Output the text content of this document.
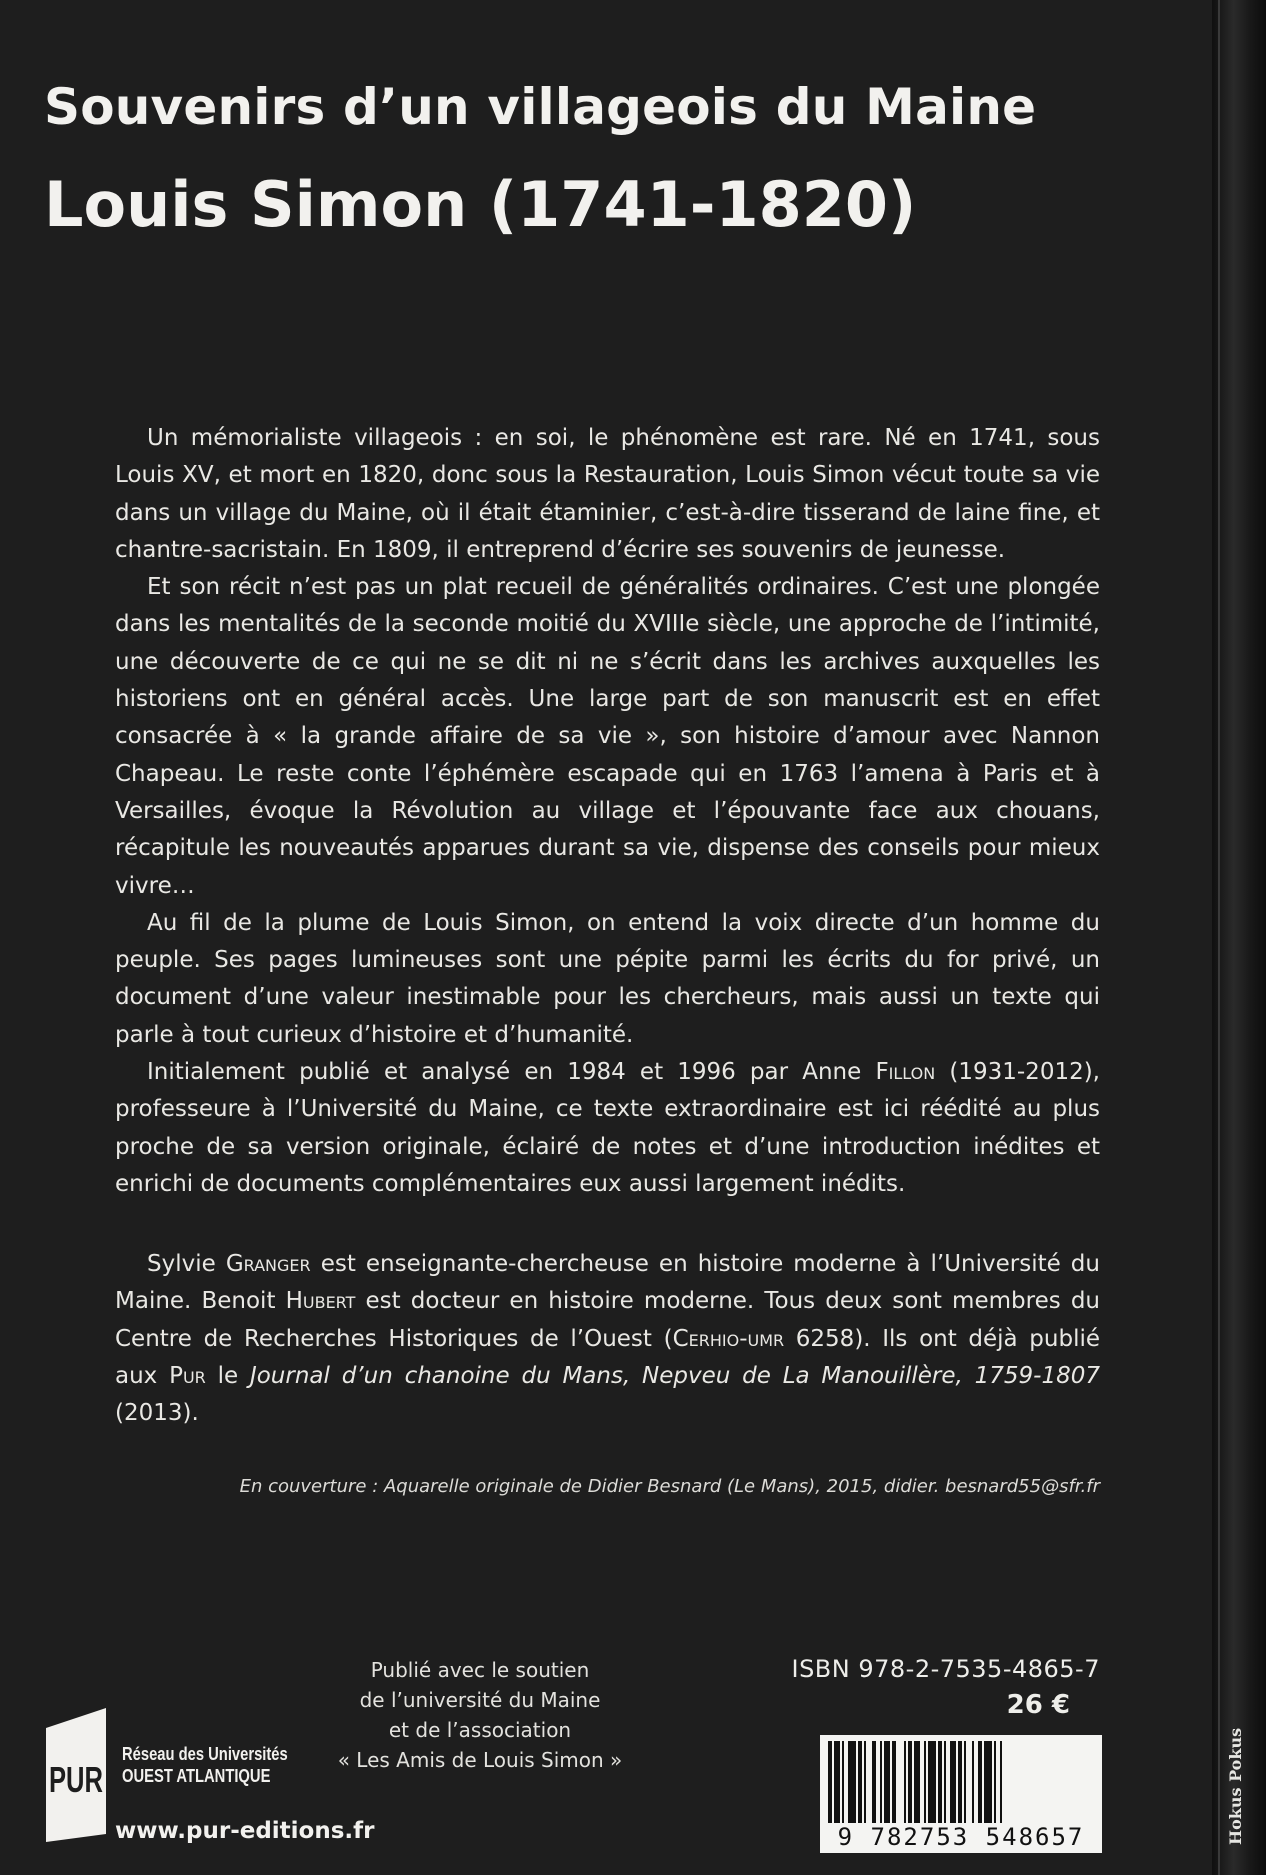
Souvenirs d’un villageois du Maine
Louis Simon (1741-1820)

Un mémorialiste villageois : en soi, le phénomène est rare. Né en 1741, sous Louis XV, et mort en 1820, donc sous la Restauration, Louis Simon vécut toute sa vie dans un village du Maine, où il était étaminier, c’est-à-dire tisserand de laine fine, et chantre-sacristain. En 1809, il entreprend d’écrire ses souvenirs de jeunesse.

Et son récit n’est pas un plat recueil de généralités ordinaires. C’est une plongée dans les mentalités de la seconde moitié du XVIIIe siècle, une approche de l’intimité, une découverte de ce qui ne se dit ni ne s’écrit dans les archives auxquelles les historiens ont en général accès. Une large part de son manuscrit est en effet consacrée à « la grande affaire de sa vie », son histoire d’amour avec Nannon Chapeau. Le reste conte l’éphémère escapade qui en 1763 l’amena à Paris et à Versailles, évoque la Révolution au village et l’épouvante face aux chouans, récapitule les nouveautés apparues durant sa vie, dispense des conseils pour mieux vivre…

Au fil de la plume de Louis Simon, on entend la voix directe d’un homme du peuple. Ses pages lumineuses sont une pépite parmi les écrits du for privé, un document d’une valeur inestimable pour les chercheurs, mais aussi un texte qui parle à tout curieux d’histoire et d’humanité.

Initialement publié et analysé en 1984 et 1996 par Anne Fillon (1931-2012), professeure à l’Université du Maine, ce texte extraordinaire est ici réédité au plus proche de sa version originale, éclairé de notes et d’une introduction inédites et enrichi de documents complémentaires eux aussi largement inédits.

Sylvie Granger est enseignante-chercheuse en histoire moderne à l’Université du Maine. Benoit Hubert est docteur en histoire moderne. Tous deux sont membres du Centre de Recherches Historiques de l’Ouest (Cerhio-umr 6258). Ils ont déjà publié aux Pur le Journal d’un chanoine du Mans, Nepveu de La Manouillère, 1759-1807 (2013).

En couverture : Aquarelle originale de Didier Besnard (Le Mans), 2015, didier. besnard55@sfr.fr
PUR
Réseau des Universités
OUEST ATLANTIQUE
www.pur-editions.fr
Publié avec le soutien
de l’université du Maine
et de l’association
« Les Amis de Louis Simon »
ISBN 978-2-7535-4865-7
26 €
9 782753 548657	Hokus Pokus
